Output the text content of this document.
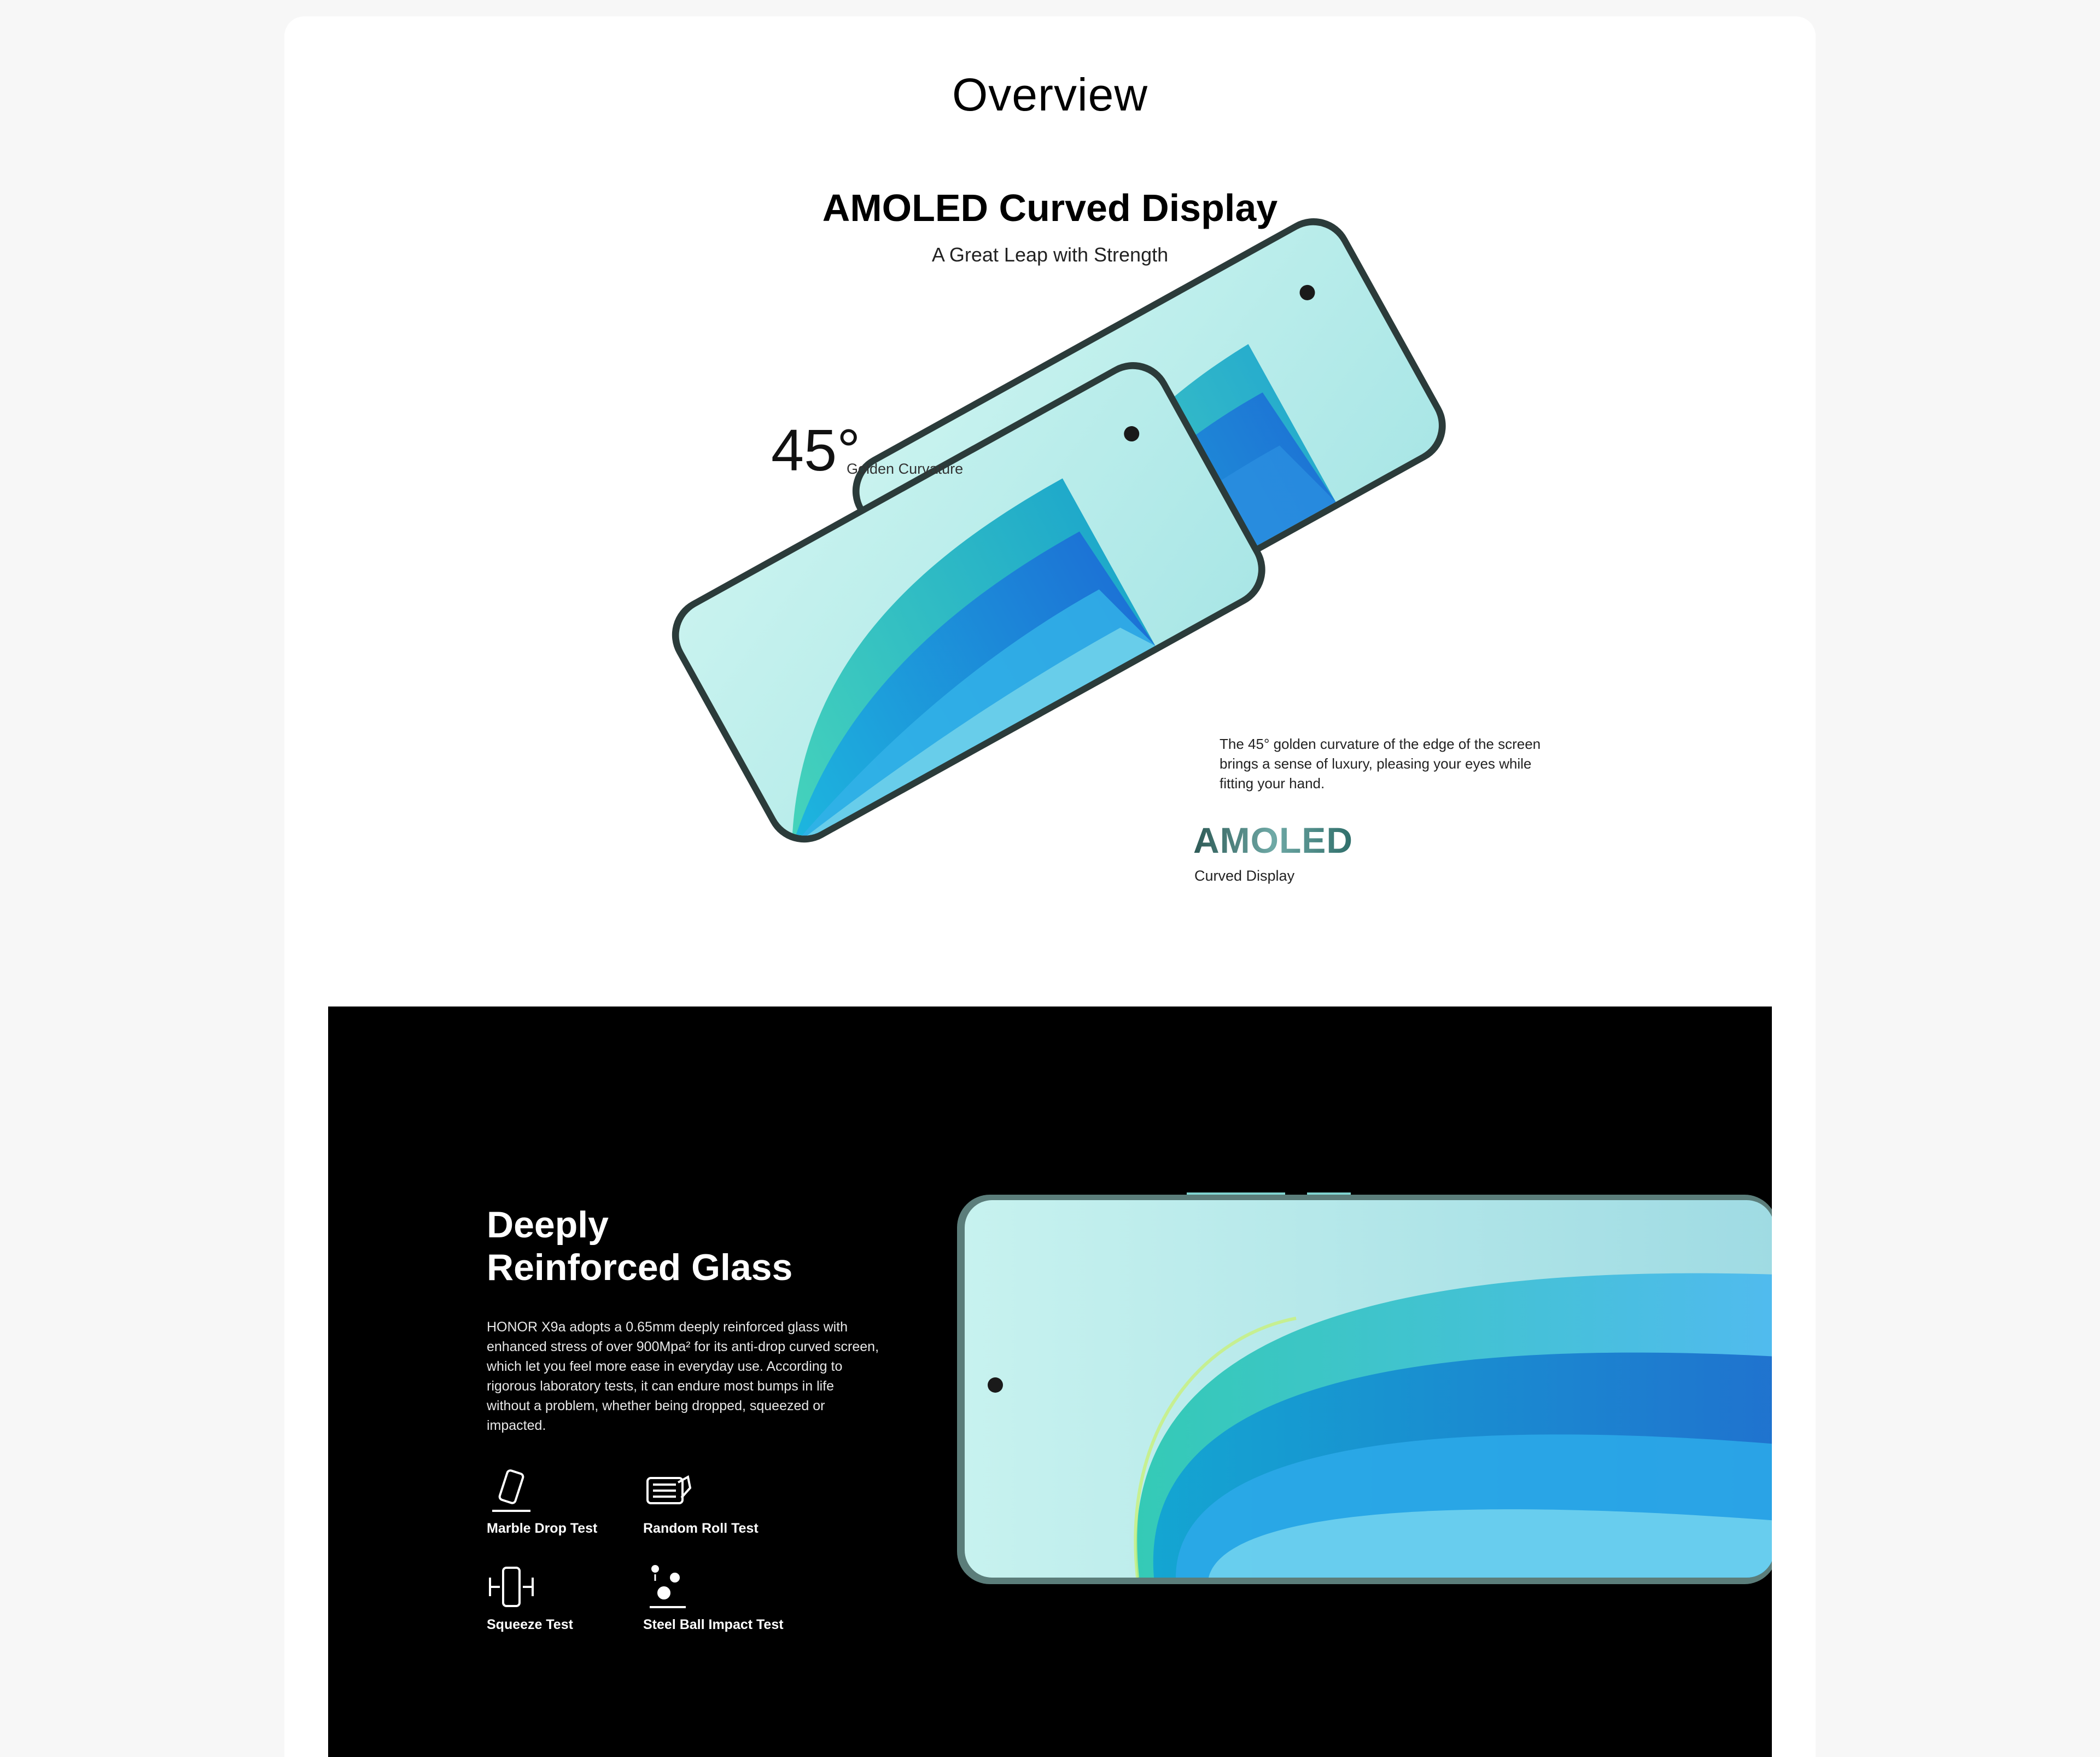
Overview
AMOLED Curved Display
A Great Leap with Strength
45°
Golden Curvature
The 45° golden curvature of the edge of the screen brings a sense of luxury, pleasing your eyes while fitting your hand.
AMOLED
Curved Display
Deeply
Reinforced Glass
HONOR X9a adopts a 0.65mm deeply reinforced glass with enhanced stress of over 900Mpa² for its anti-drop curved screen, which let you feel more ease in everyday use. According to rigorous laboratory tests, it can endure most bumps in life without a problem, whether being dropped, squeezed or impacted.
Marble Drop Test	Random Roll Test
Squeeze Test	Steel Ball Impact Test
